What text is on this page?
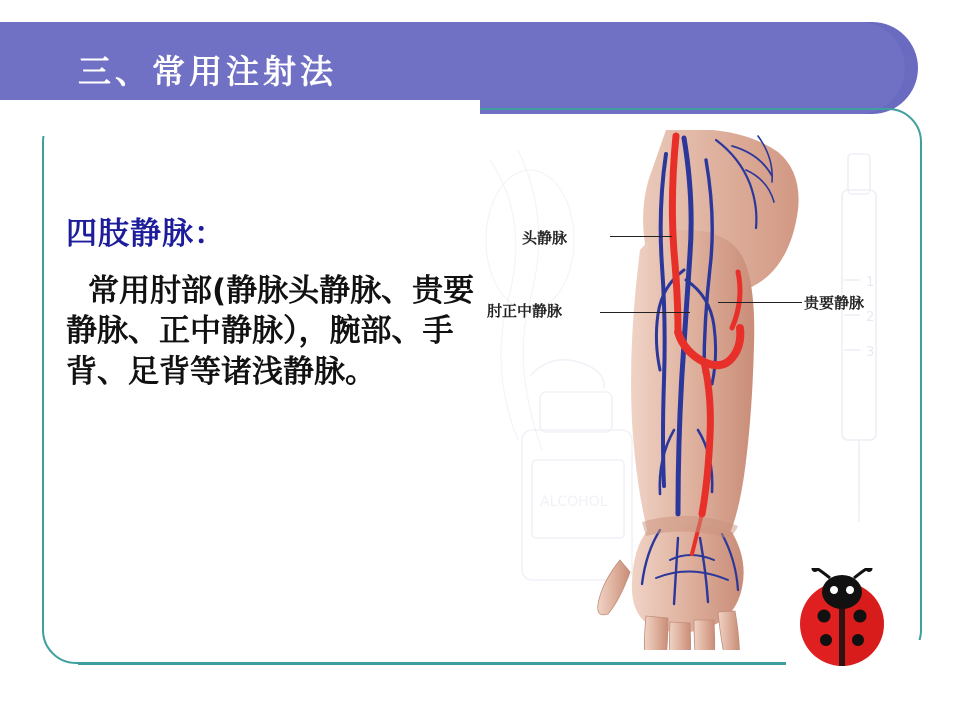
三、常用注射法
四肢静脉：
常用肘部(静脉头静脉、贵要静脉、正中静脉），腕部、手背、足背等诸浅静脉。
ALCOHOL
1
2
3
头静脉
肘正中静脉	贵要静脉
